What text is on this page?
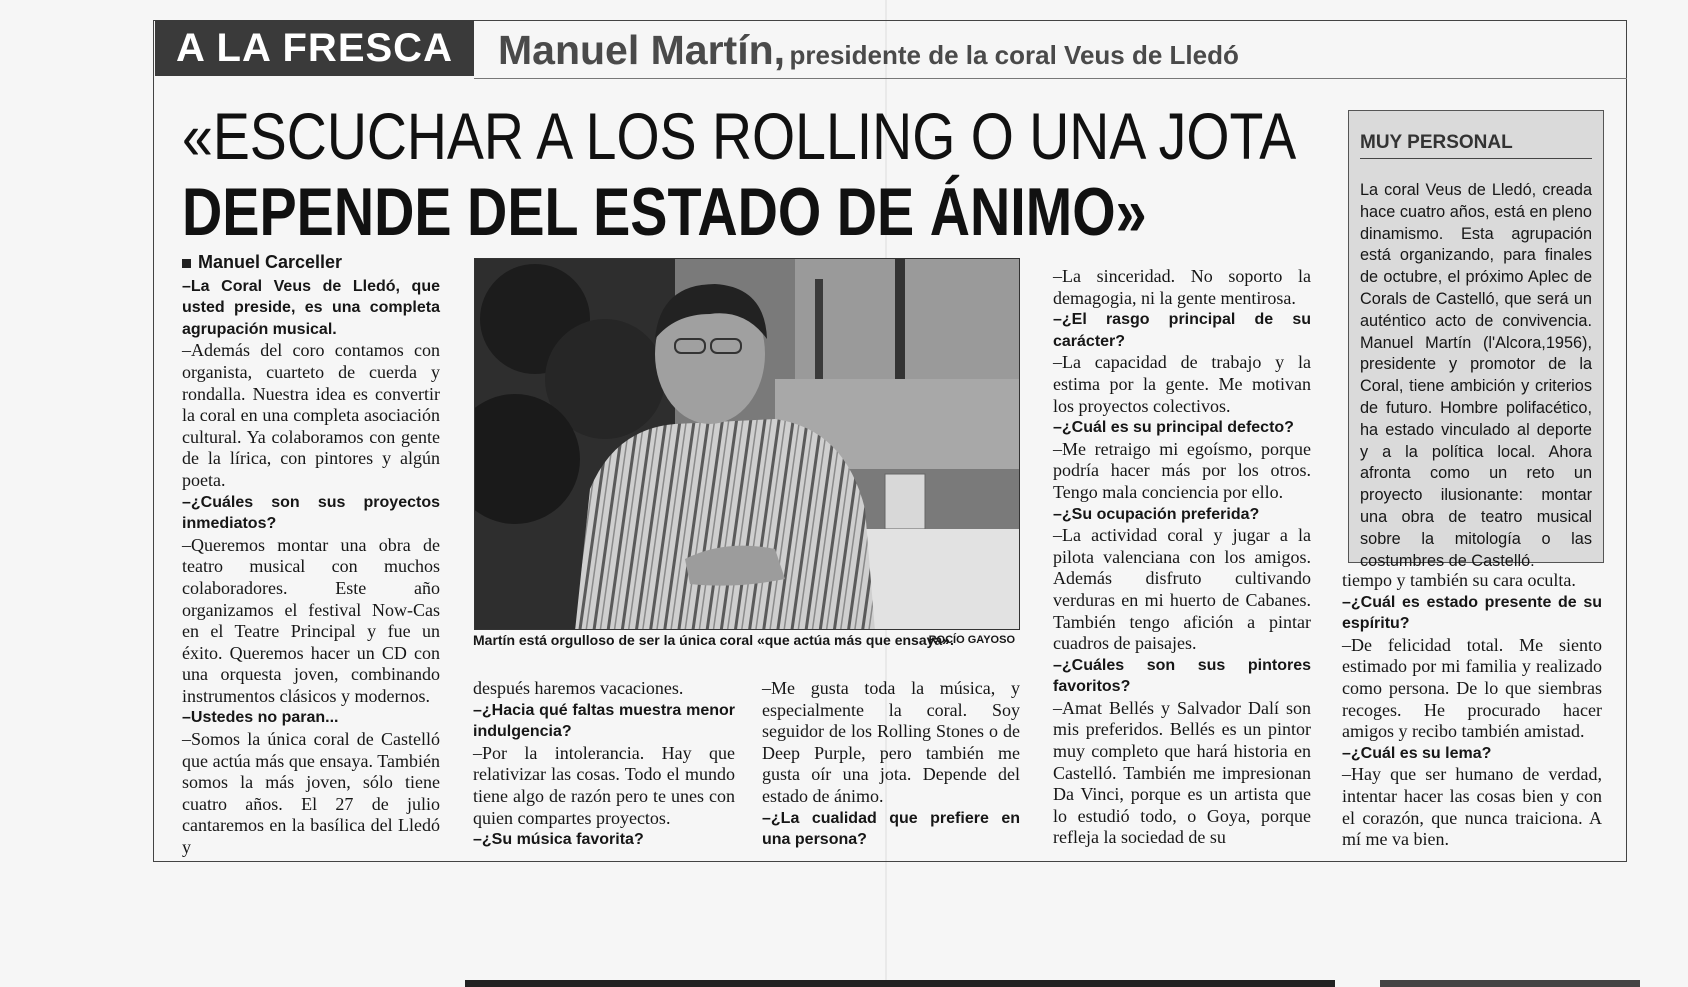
A LA FRESCA	Manuel Martín, presidente de la coral Veus de Lledó
«ESCUCHAR A LOS ROLLING O UNA JOTA
DEPENDE DEL ESTADO DE ÁNIMO»
Manuel Carceller

–La Coral Veus de Lledó, que usted preside, es una completa agrupación musical.

–Además del coro contamos con organista, cuarteto de cuerda y rondalla. Nuestra idea es convertir la coral en una completa asociación cultural. Ya colaboramos con gente de la lírica, con pintores y algún poeta.

–¿Cuáles son sus proyectos inmediatos?

–Queremos montar una obra de teatro musical con muchos colaboradores. Este año organizamos el festival Now-Cas en el Teatre Principal y fue un éxito. Queremos hacer un CD con una orquesta joven, combinando instrumentos clásicos y modernos.

–Ustedes no paran...

–Somos la única coral de Castelló que actúa más que ensaya. También somos la más joven, sólo tiene cuatro años. El 27 de julio cantaremos en la basílica del Lledó y

Martín está orgulloso de ser la única coral «que actúa más que ensaya».
ROCÍO GAYOSO

después haremos vacaciones.

–¿Hacia qué faltas muestra menor indulgencia?

–Por la intolerancia. Hay que relativizar las cosas. Todo el mundo tiene algo de razón pero te unes con quien compartes proyectos.

–¿Su música favorita?

–Me gusta toda la música, y especialmente la coral. Soy seguidor de los Rolling Stones o de Deep Purple, pero también me gusta oír una jota. Depende del estado de ánimo.

–¿La cualidad que prefiere en una persona?

–La sinceridad. No soporto la demagogia, ni la gente mentirosa.

–¿El rasgo principal de su carácter?

–La capacidad de trabajo y la estima por la gente. Me motivan los proyectos colectivos.

–¿Cuál es su principal defecto?

–Me retraigo mi egoísmo, porque podría hacer más por los otros. Tengo mala conciencia por ello.

–¿Su ocupación preferida?

–La actividad coral y jugar a la pilota valenciana con los amigos. Además disfruto cultivando verduras en mi huerto de Cabanes. También tengo afición a pintar cuadros de paisajes.

–¿Cuáles son sus pintores favoritos?

–Amat Bellés y Salvador Dalí son mis preferidos. Bellés es un pintor muy completo que hará historia en Castelló. También me impresionan Da Vinci, porque es un artista que lo estudió todo, o Goya, porque refleja la sociedad de su

MUY PERSONAL
La coral Veus de Lledó, creada hace cuatro años, está en pleno dinamismo. Esta agrupación está organizando, para finales de octubre, el próximo Aplec de Corals de Castelló, que será un auténtico acto de convivencia. Manuel Martín (l'Alcora,1956), presidente y promotor de la Coral, tiene ambición y criterios de futuro. Hombre polifacético, ha estado vinculado al deporte y a la política local. Ahora afronta como un reto un proyecto ilusionante: montar una obra de teatro musical sobre la mitología o las costumbres de Castelló.

tiempo y también su cara oculta.

–¿Cuál es estado presente de su espíritu?

–De felicidad total. Me siento estimado por mi familia y realizado como persona. De lo que siembras recoges. He procurado hacer amigos y recibo también amistad.

–¿Cuál es su lema?

–Hay que ser humano de verdad, intentar hacer las cosas bien y con el corazón, que nunca traiciona. A mí me va bien.
